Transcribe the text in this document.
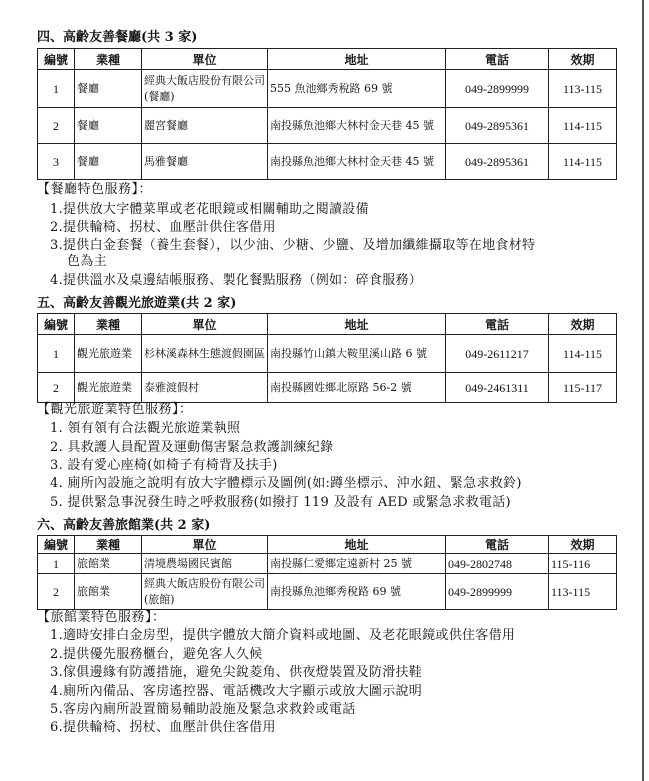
四、高齡友善餐廳(共 3 家)
編號	業種	單位	地址	電話	效期
1	餐廳	經典大飯店股份有限公司(餐廳)	555 魚池鄉秀稅路 69 號	049-2899999	113-115
2	餐廳	麗宮餐廳	南投縣魚池鄉大林村金天巷 45 號	049-2895361	114-115
3	餐廳	馬雅餐廳	南投縣魚池鄉大林村金天巷 45 號	049-2895361	114-115
【餐廳特色服務】：
1.提供放大字體菜單或老花眼鏡或相關輔助之閱讀設備
2.提供輪椅、拐杖、血壓計供住客借用
3.提供白金套餐（養生套餐），以少油、少糖、少鹽、及增加纖維攝取等在地食材特
色為主
4.提供溫水及桌邊結帳服務、製化餐點服務（例如：碎食服務）
五、高齡友善觀光旅遊業(共 2 家)
編號	業種	單位	地址	電話	效期
1	觀光旅遊業	杉林溪森林生態渡假園區	南投縣竹山鎮大鞍里溪山路 6 號	049-2611217	114-115
2	觀光旅遊業	泰雅渡假村	南投縣國姓鄉北原路 56-2 號	049-2461311	115-117
【觀光旅遊業特色服務】：
1. 領有領有合法觀光旅遊業執照
2. 具救護人員配置及運動傷害緊急救護訓練紀錄
3. 設有愛心座椅(如椅子有椅背及扶手)
4. 廁所內設施之說明有放大字體標示及圖例(如:蹲坐標示、沖水鈕、緊急求救鈴)
5. 提供緊急事況發生時之呼救服務(如撥打 119 及設有 AED 或緊急求救電話)
六、高齡友善旅館業(共 2 家)
編號	業種	單位	地址	電話	效期
1	旅館業	清境農場國民賓館	南投縣仁愛鄉定遠新村 25 號	049-2802748	115-116
2	旅館業	經典大飯店股份有限公司(旅館)	南投縣魚池鄉秀稅路 69 號	049-2899999	113-115
【旅館業特色服務】：
1.適時安排白金房型，提供字體放大簡介資料或地圖、及老花眼鏡或供住客借用
2.提供優先服務櫃台，避免客人久候
3.傢俱邊緣有防護措施，避免尖銳菱角、供夜燈裝置及防滑扶鞋
4.廁所內備品、客房遙控器、電話機改大字顯示或放大圖示說明
5.客房內廁所設置簡易輔助設施及緊急求救鈴或電話
6.提供輪椅、拐杖、血壓計供住客借用
